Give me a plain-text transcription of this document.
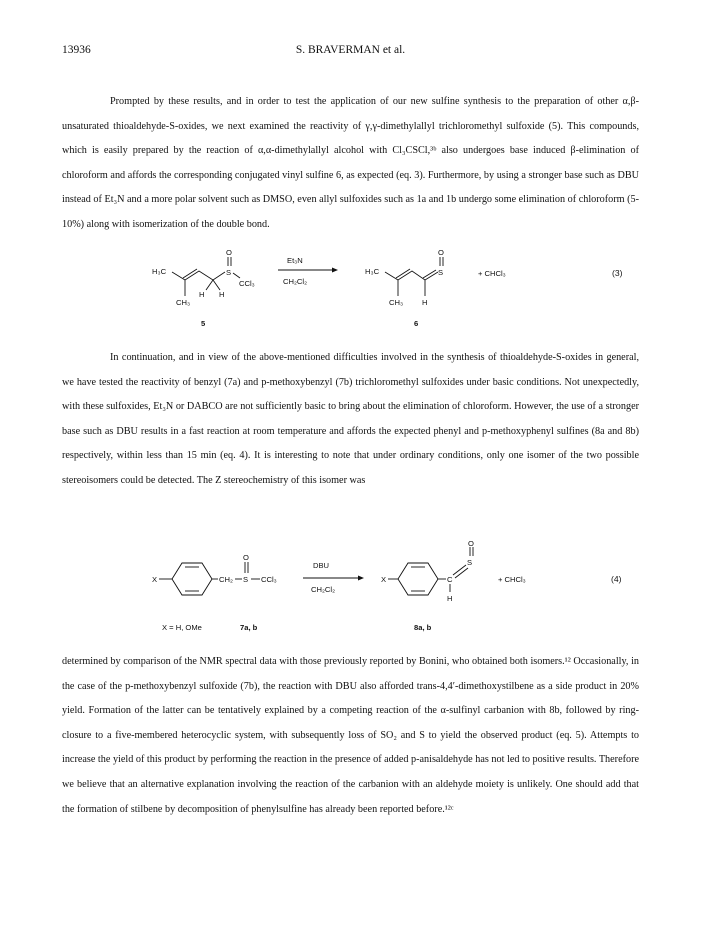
13936	S. BRAVERMAN et al.

Prompted by these results, and in order to test the application of our new sulfine synthesis to the preparation of other α,β-unsaturated thioaldehyde-S-oxides, we next examined the reactivity of γ,γ-dimethylallyl trichloromethyl sulfoxide (5). This compounds, which is easily prepared by the reaction of α,α-dimethylallyl alcohol with Cl₃CSCl,³ᵇ also undergoes base induced β-elimination of chloroform and affords the corresponding conjugated vinyl sulfine 6, as expected (eq. 3). Furthermore, by using a stronger base such as DBU instead of Et₃N and a more polar solvent such as DMSO, even allyl sulfoxides such as 1a and 1b undergo some elimination of chloroform (5-10%) along with isomerization of the double bond.

H₃C
CH₃
H H
S
O
CCl₃
5
Et₃N
CH₂Cl₂
H₃C
CH₃ H
S
O
6
+ CHCl₃	(3)

In continuation, and in view of the above-mentioned difficulties involved in the synthesis of thioaldehyde-S-oxides in general, we have tested the reactivity of benzyl (7a) and p-methoxybenzyl (7b) trichloromethyl sulfoxides under basic conditions. Not unexpectedly, with these sulfoxides, Et₃N or DABCO are not sufficiently basic to bring about the elimination of chloroform. However, the use of a stronger base such as DBU results in a fast reaction at room temperature and affords the expected phenyl and p-methoxyphenyl sulfines (8a and 8b) respectively, within less than 15 min (eq. 4). It is interesting to note that under ordinary conditions, only one isomer of the two possible stereoisomers could be detected. The Z stereochemistry of this isomer was

X	CH₂ S
O
CCl₃
DBU
CH₂Cl₂
X	C
S
O
H
+ CHCl₃	(4)
X = H, OMe	7a, b	8a, b

determined by comparison of the NMR spectral data with those previously reported by Bonini, who obtained both isomers.¹² Occasionally, in the case of the p-methoxybenzyl sulfoxide (7b), the reaction with DBU also afforded trans-4,4′-dimethoxystilbene as a side product in 20% yield. Formation of the latter can be tentatively explained by a competing reaction of the α-sulfinyl carbanion with 8b, followed by ring-closure to a five-membered heterocyclic system, with subsequently loss of SO₂ and S to yield the observed product (eq. 5). Attempts to increase the yield of this product by performing the reaction in the presence of added p-anisaldehyde has not led to positive results. Therefore we believe that an alternative explanation involving the reaction of the carbanion with an aldehyde moiety is unlikely. One should add that the formation of stilbene by decomposition of phenylsulfine has already been reported before.¹²ᶜ
